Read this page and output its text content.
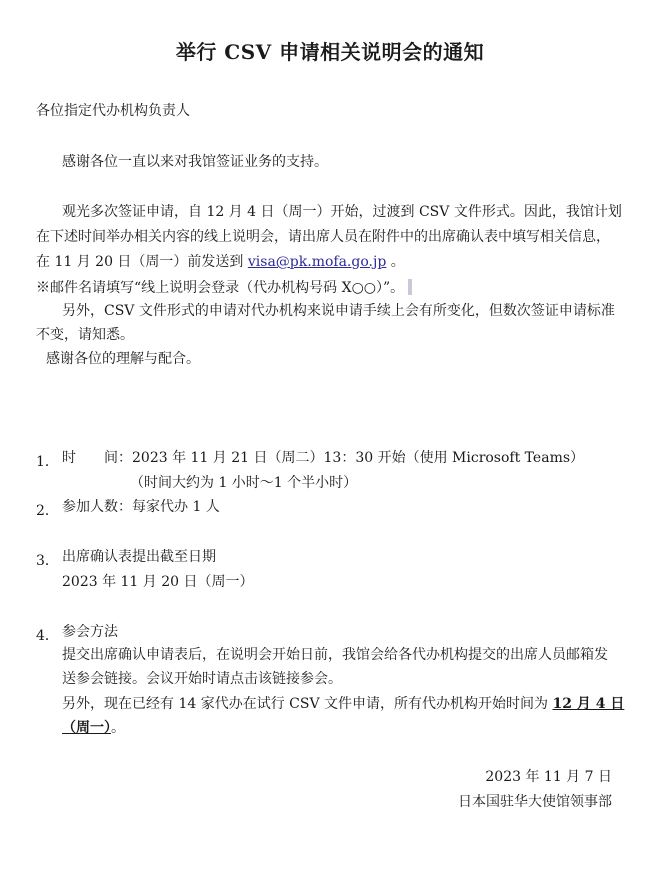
举行 CSV 申请相关说明会的通知
各位指定代办机构负责人
感谢各位一直以来对我馆签证业务的支持。
观光多次签证申请，自 12 月 4 日（周一）开始，过渡到 CSV 文件形式。因此，我馆计划
在下述时间举办相关内容的线上说明会，请出席人员在附件中的出席确认表中填写相关信息，
在 11 月 20 日（周一）前发送到 visa@pk.mofa.go.jp 。
※邮件名请填写“线上说明会登录（代办机构号码 X○○）”。
另外，CSV 文件形式的申请对代办机构来说申请手续上会有所变化，但数次签证申请标准
不变，请知悉。
感谢各位的理解与配合。
1． 时　　间：2023 年 11 月 21 日（周二）13：30 开始（使用 Microsoft Teams）
（时间大约为 1 小时～1 个半小时）
2． 参加人数：每家代办 1 人
3． 出席确认表提出截至日期
2023 年 11 月 20 日（周一）
4． 参会方法
提交出席确认申请表后，在说明会开始日前，我馆会给各代办机构提交的出席人员邮箱发
送参会链接。会议开始时请点击该链接参会。
另外，现在已经有 14 家代办在试行 CSV 文件申请，所有代办机构开始时间为 12 月 4 日
（周一）。
2023 年 11 月 7 日
日本国驻华大使馆领事部
